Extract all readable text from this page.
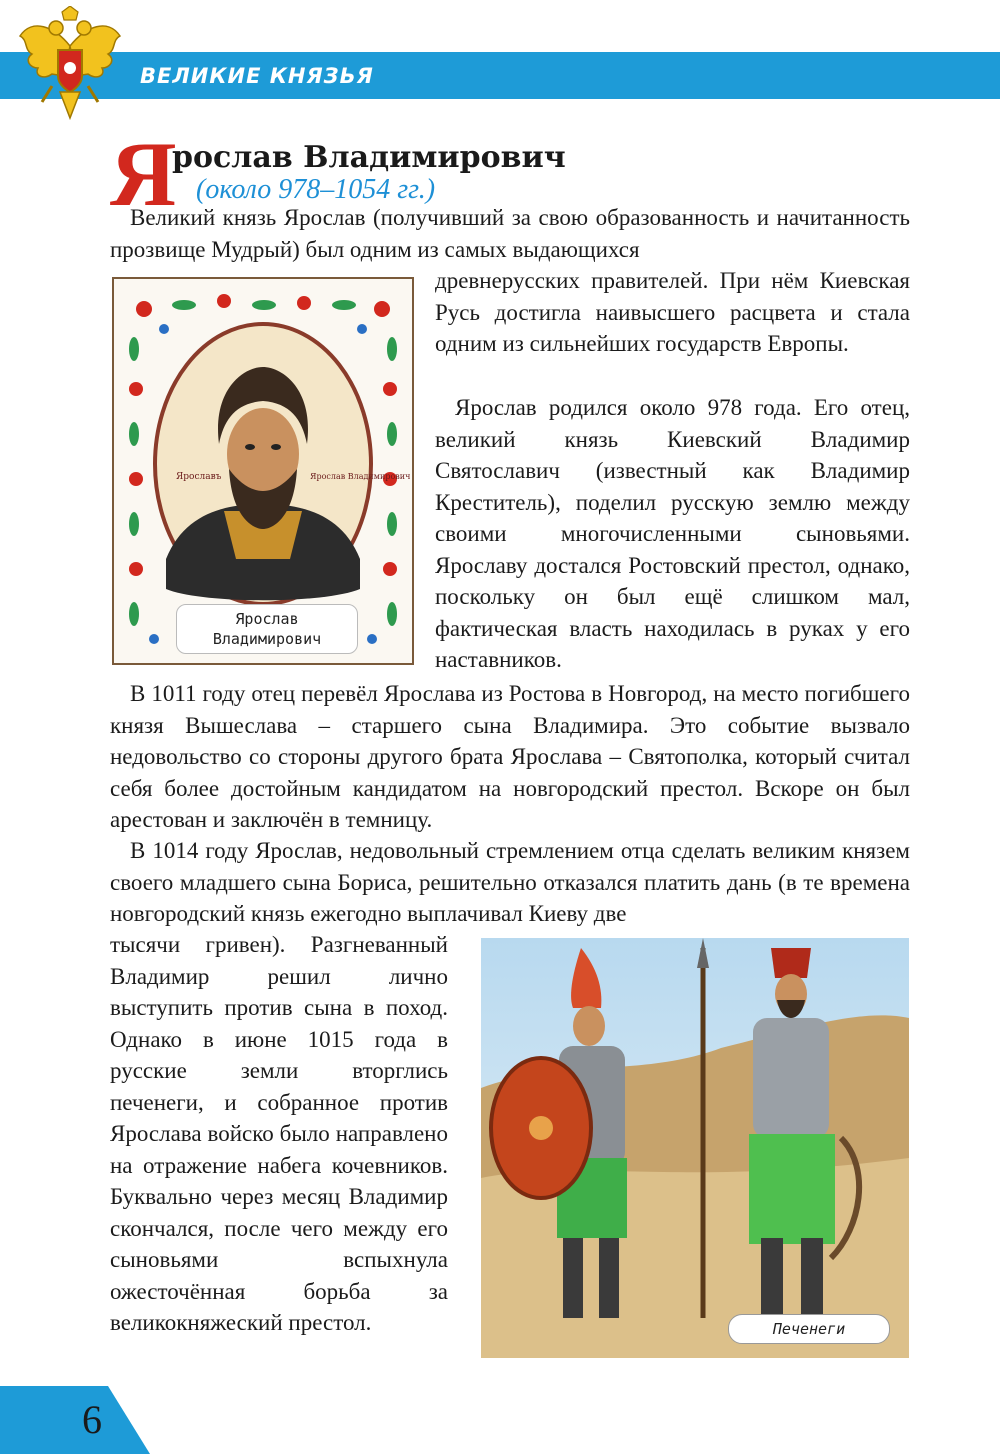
ВЕЛИКИЕ КНЯЗЬЯ
Я
рослав Владимирович
(около 978–1054 гг.)

Великий князь Ярослав (получивший за свою образованность и начитанность прозвище Мудрый) был одним из самых выдающихся

древнерусских правителей. При нём Киевская Русь достигла наивысшего расцвета и стала одним из сильнейших государств Европы.

Ярослав родился около 978 года. Его отец, великий князь Киевский Владимир Святославич (известный как Владимир Креститель), поделил русскую землю между своими многочисленными сыновьями. Ярославу достался Ростовский престол, однако, поскольку он был ещё слишком мал, фактическая власть находилась в руках у его наставников.

Ярославъ	Ярослав Владимирович
Ярослав Владимирович

В 1011 году отец перевёл Ярослава из Ростова в Новгород, на место погибшего князя Вышеслава – старшего сына Владимира. Это событие вызвало недовольство со стороны другого брата Ярослава – Святополка, который считал себя более достойным кандидатом на новгородский престол. Вскоре он был арестован и заключён в темницу.

В 1014 году Ярослав, недовольный стремлением отца сделать великим князем своего младшего сына Бориса, решительно отказался платить дань (в те времена новгородский князь ежегодно выплачивал Киеву две

тысячи гривен). Разгневанный Владимир решил лично выступить против сына в поход. Однако в июне 1015 года в русские земли вторглись печенеги, и собранное против Ярослава войско было направлено на отражение набега кочевников. Буквально через месяц Владимир скончался, после чего между его сыновьями вспыхнула ожесточённая борьба за великокняжеский престол.	Печенеги
6
